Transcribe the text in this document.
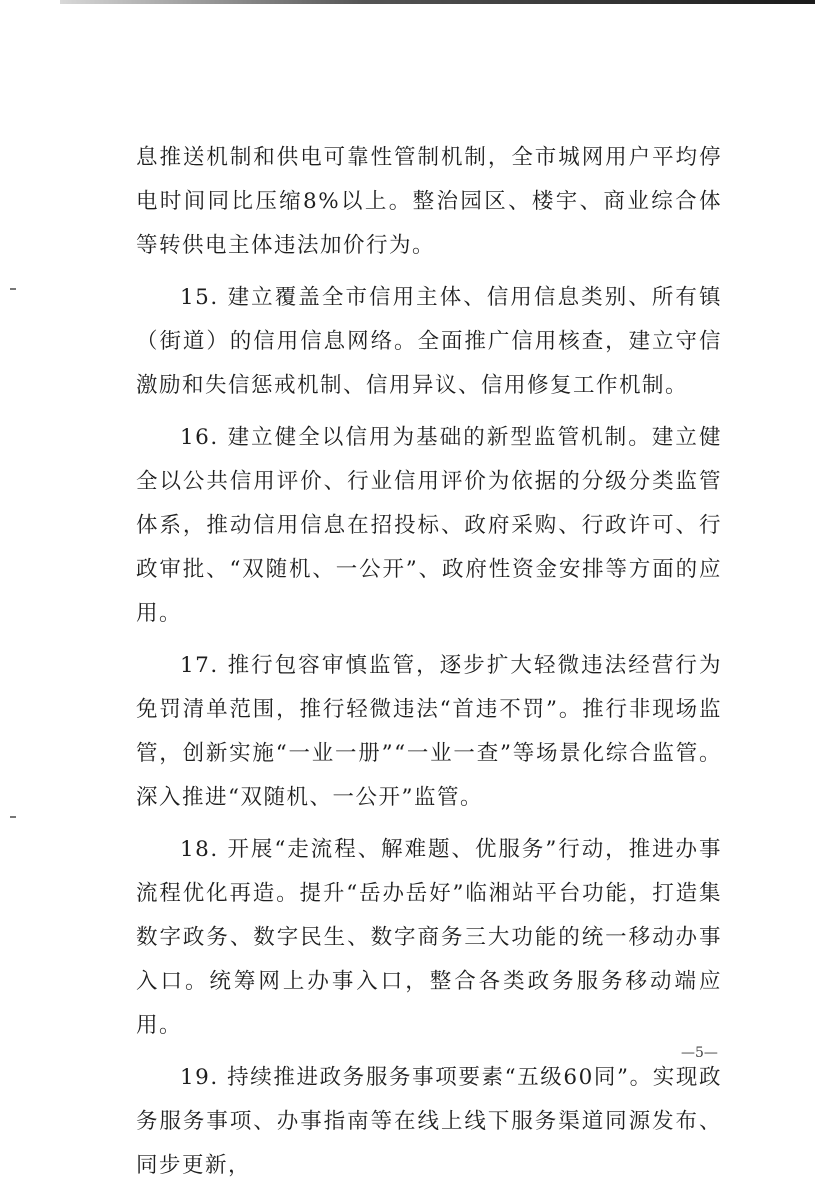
息推送机制和供电可靠性管制机制，全市城网用户平均停电时间同比压缩8%以上。整治园区、楼宇、商业综合体等转供电主体违法加价行为。

15. 建立覆盖全市信用主体、信用信息类别、所有镇（街道）的信用信息网络。全面推广信用核查，建立守信激励和失信惩戒机制、信用异议、信用修复工作机制。

16. 建立健全以信用为基础的新型监管机制。建立健全以公共信用评价、行业信用评价为依据的分级分类监管体系，推动信用信息在招投标、政府采购、行政许可、行政审批、“双随机、一公开”、政府性资金安排等方面的应用。

17. 推行包容审慎监管，逐步扩大轻微违法经营行为免罚清单范围，推行轻微违法“首违不罚”。推行非现场监管，创新实施“一业一册”“一业一查”等场景化综合监管。深入推进“双随机、一公开”监管。

18. 开展“走流程、解难题、优服务”行动，推进办事流程优化再造。提升“岳办岳好”临湘站平台功能，打造集数字政务、数字民生、数字商务三大功能的统一移动办事入口。统筹网上办事入口，整合各类政务服务移动端应用。

19. 持续推进政务服务事项要素“五级60同”。实现政务服务事项、办事指南等在线上线下服务渠道同源发布、同步更新，

—5—
